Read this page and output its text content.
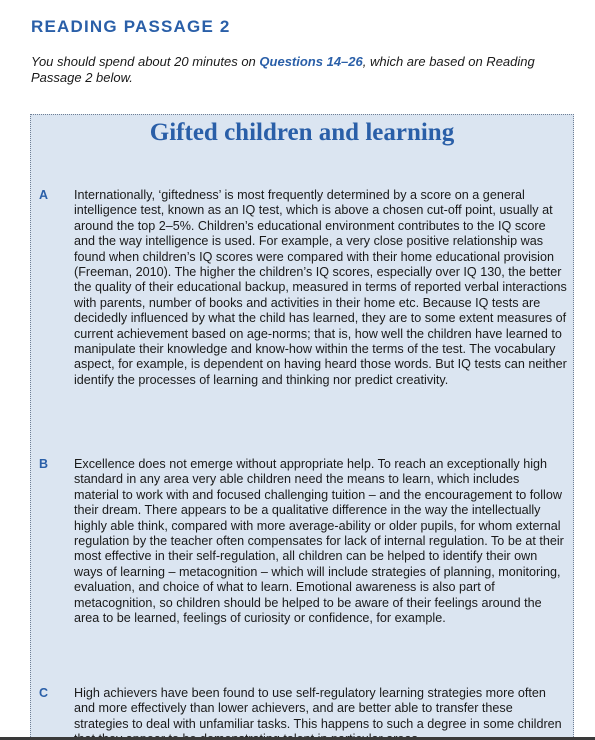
READING PASSAGE 2

You should spend about 20 minutes on Questions 14–26, which are based on Reading Passage 2 below.

Gifted children and learning
A	Internationally, ‘giftedness’ is most frequently determined by a score on a general intelligence test, known as an IQ test, which is above a chosen cut-off point, usually at around the top 2–5%. Children’s educational environment contributes to the IQ score and the way intelligence is used. For example, a very close positive relationship was found when children’s IQ scores were compared with their home educational provision (Freeman, 2010). The higher the children’s IQ scores, especially over IQ 130, the better the quality of their educational backup, measured in terms of reported verbal interactions with parents, number of books and activities in their home etc. Because IQ tests are decidedly influenced by what the child has learned, they are to some extent measures of current achievement based on age-norms; that is, how well the children have learned to manipulate their knowledge and know-how within the terms of the test. The vocabulary aspect, for example, is dependent on having heard those words. But IQ tests can neither identify the processes of learning and thinking nor predict creativity.

B	Excellence does not emerge without appropriate help. To reach an exceptionally high standard in any area very able children need the means to learn, which includes material to work with and focused challenging tuition – and the encouragement to follow their dream. There appears to be a qualitative difference in the way the intellectually highly able think, compared with more average-ability or older pupils, for whom external regulation by the teacher often compensates for lack of internal regulation. To be at their most effective in their self-regulation, all children can be helped to identify their own ways of learning – metacognition – which will include strategies of planning, monitoring, evaluation, and choice of what to learn. Emotional awareness is also part of metacognition, so children should be helped to be aware of their feelings around the area to be learned, feelings of curiosity or confidence, for example.

C	High achievers have been found to use self-regulatory learning strategies more often and more effectively than lower achievers, and are better able to transfer these strategies to deal with unfamiliar tasks. This happens to such a degree in some children
